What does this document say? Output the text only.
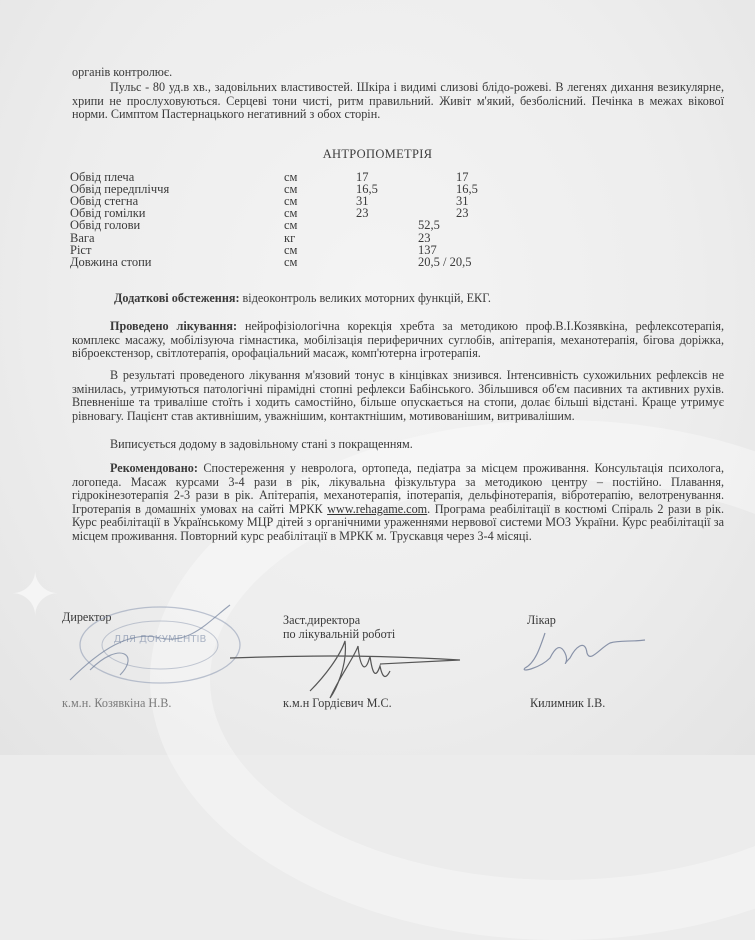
✦
органів контролює.
Пульс - 80 уд.в хв., задовільних властивостей. Шкіра і видимі слизові блідо-рожеві. В легенях дихання везикулярне, хрипи не прослуховуються. Серцеві тони чисті, ритм правильний. Живіт м'який, безболісний. Печінка в межах вікової норми. Симптом Пастернацького негативний з обох сторін.
АНТРОПОМЕТРІЯ
Обвід плеча	см	17	17
Обвід передпліччя	см	16,5	16,5
Обвід стегна	см	31	31
Обвід гомілки	см	23	23
Обвід голови	см	52,5
Вага	кг	23
Ріст	см	137
Довжина стопи	см	20,5 / 20,5
Додаткові обстеження: відеоконтроль великих моторних функцій, ЕКГ.
Проведено лікування: нейрофізіологічна корекція хребта за методикою проф.В.І.Козявкіна, рефлексотерапія, комплекс масажу, мобілізуюча гімнастика, мобілізація периферичних суглобів, апітерапія, механотерапія, бігова доріжка, віброекстензор, світлотерапія, орофаціальний масаж, комп'ютерна ігротерапія.
В результаті проведеного лікування м'язовий тонус в кінцівках знизився. Інтенсивність сухожильних рефлексів не змінилась, утримуються патологічні пірамідні стопні рефлекси Бабінського. Збільшився об'єм пасивних та активних рухів. Впевненіше та триваліше стоїть і ходить самостійно, більше опускається на стопи, долає більші відстані. Краще утримує рівновагу. Пацієнт став активнішим, уважнішим, контактнішим, мотивованішим, витривалішим.
Виписується додому в задовільному стані з покращенням.
Рекомендовано: Спостереження у невролога, ортопеда, педіатра за місцем проживання. Консультація психолога, логопеда. Масаж курсами 3-4 рази в рік, лікувальна фізкультура за методикою центру – постійно. Плавання, гідрокінезотерапія 2-3 рази в рік. Апітерапія, механотерапія, іпотерапія, дельфінотерапія, вібротерапію, велотренування. Ігротерапія в домашніх умовах на сайті МРКК www.rehagame.com. Програма реабілітації в костюмі Спіраль 2 рази в рік. Курс реабілітації в Українському МЦР дітей з органічними ураженнями нервової системи МОЗ України. Курс реабілітації за місцем проживання. Повторний курс реабілітації в МРКК м. Трускавця через 3-4 місяці.
Директор
ДЛЯ ДОКУМЕНТІВ
к.м.н. Козявкіна Н.В.
Заст.директора
по лікувальній роботі
к.м.н Гордієвич М.С.
Лікар
Килимник І.В.
